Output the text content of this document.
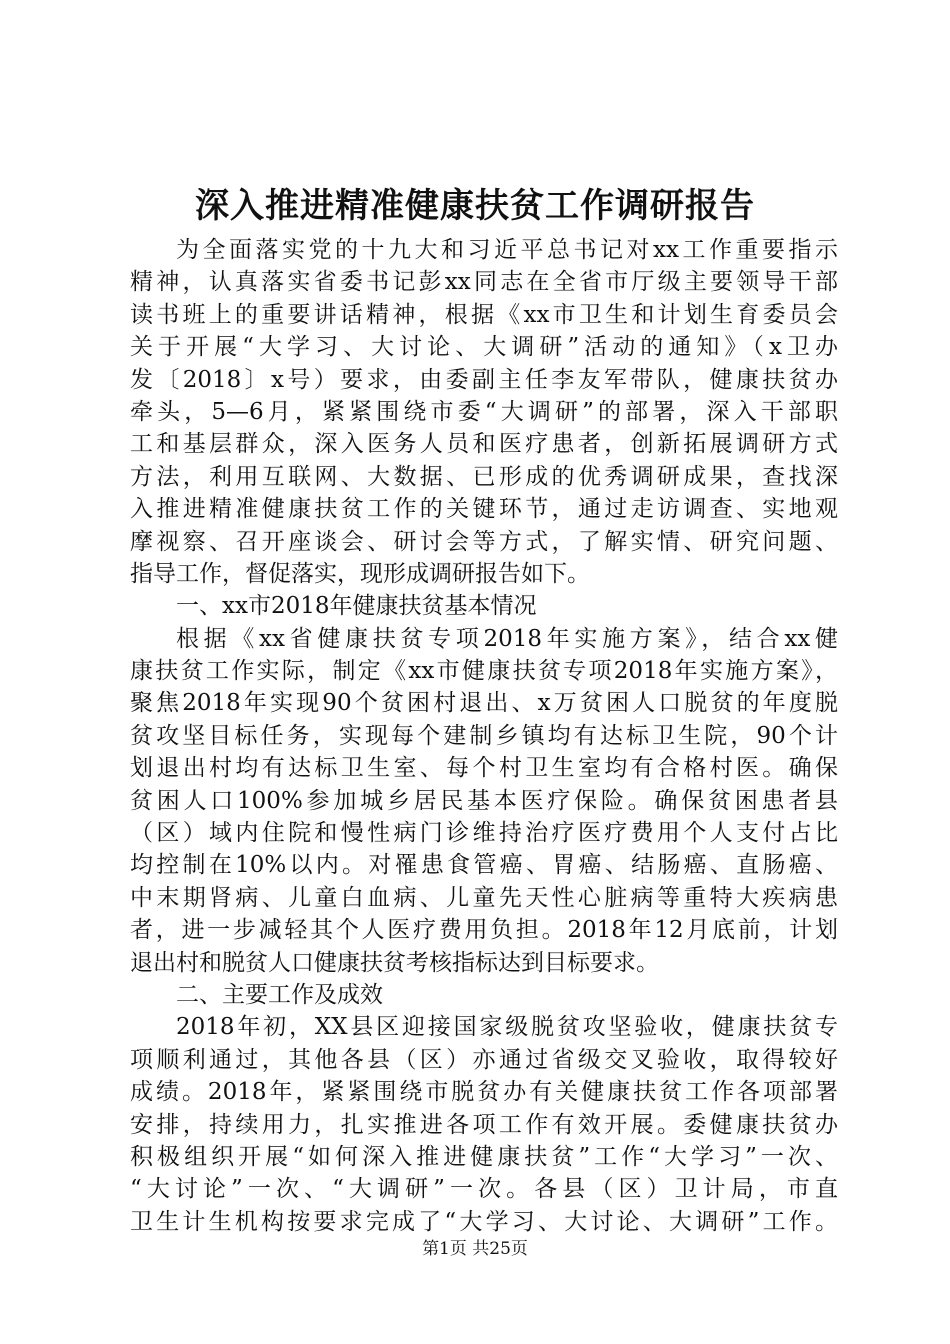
深入推进精准健康扶贫工作调研报告
为全面落实党的十九大和习近平总书记对xx工作重要指示
精神，认真落实省委书记彭xx同志在全省市厅级主要领导干部
读书班上的重要讲话精神，根据《xx市卫生和计划生育委员会
关于开展“大学习、大讨论、大调研”活动的通知》（x卫办
发〔2018〕x号）要求，由委副主任李友军带队，健康扶贫办
牵头，5—6月，紧紧围绕市委“大调研”的部署，深入干部职
工和基层群众，深入医务人员和医疗患者，创新拓展调研方式
方法，利用互联网、大数据、已形成的优秀调研成果，查找深
入推进精准健康扶贫工作的关键环节，通过走访调查、实地观
摩视察、召开座谈会、研讨会等方式，了解实情、研究问题、
指导工作，督促落实，现形成调研报告如下。
一、xx市2018年健康扶贫基本情况
根据《xx省健康扶贫专项2018年实施方案》，结合xx健
康扶贫工作实际，制定《xx市健康扶贫专项2018年实施方案》，
聚焦2018年实现90个贫困村退出、x万贫困人口脱贫的年度脱
贫攻坚目标任务，实现每个建制乡镇均有达标卫生院，90个计
划退出村均有达标卫生室、每个村卫生室均有合格村医。确保
贫困人口100%参加城乡居民基本医疗保险。确保贫困患者县
（区）域内住院和慢性病门诊维持治疗医疗费用个人支付占比
均控制在10%以内。对罹患食管癌、胃癌、结肠癌、直肠癌、
中末期肾病、儿童白血病、儿童先天性心脏病等重特大疾病患
者，进一步减轻其个人医疗费用负担。2018年12月底前，计划
退出村和脱贫人口健康扶贫考核指标达到目标要求。
二、主要工作及成效
2018年初，XX县区迎接国家级脱贫攻坚验收，健康扶贫专
项顺利通过，其他各县（区）亦通过省级交叉验收，取得较好
成绩。2018年，紧紧围绕市脱贫办有关健康扶贫工作各项部署
安排，持续用力，扎实推进各项工作有效开展。委健康扶贫办
积极组织开展“如何深入推进健康扶贫”工作“大学习”一次、
“大讨论”一次、“大调研”一次。各县（区）卫计局，市直
卫生计生机构按要求完成了“大学习、大讨论、大调研”工作。
第1页 共25页
